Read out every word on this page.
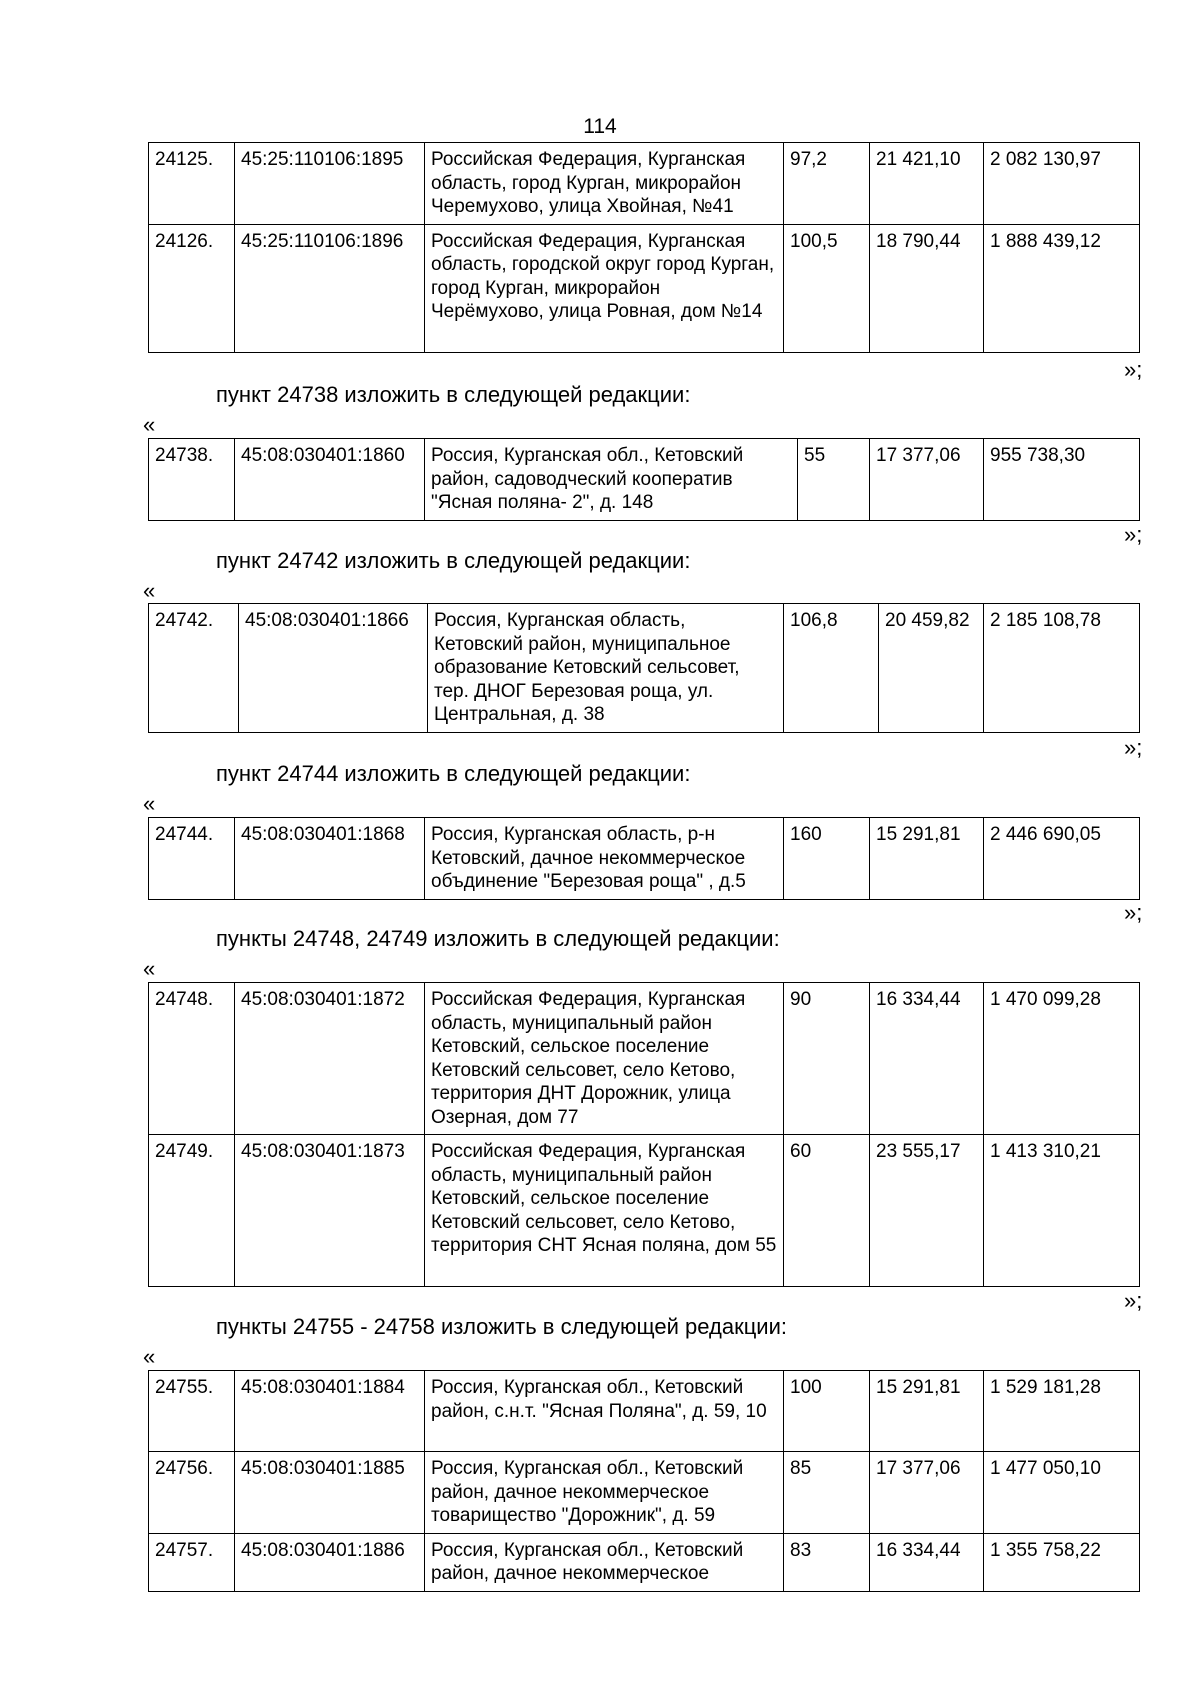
114
24125.	45:25:110106:1895	Российская Федерация, Курганская область, город Курган, микрорайон Черемухово, улица Хвойная, №41	97,2	21 421,10	2 082 130,97
24126.	45:25:110106:1896	Российская Федерация, Курганская область, городской округ город Курган, город Курган, микрорайон Черёмухово, улица Ровная, дом №14	100,5	18 790,44	1 888 439,12
»;
пункт 24738 изложить в следующей редакции:
«
24738.	45:08:030401:1860	Россия, Курганская обл., Кетовский район, садоводческий кооператив "Ясная поляна- 2", д. 148	55	17 377,06	955 738,30
»;
пункт 24742 изложить в следующей редакции:
«
24742.	45:08:030401:1866	Россия, Курганская область, Кетовский район, муниципальное образование Кетовский сельсовет, тер. ДНОГ Березовая роща, ул. Центральная, д. 38	106,8	20 459,82	2 185 108,78
»;
пункт 24744 изложить в следующей редакции:
«
24744.	45:08:030401:1868	Россия, Курганская область, р-н Кетовский, дачное некоммерческое объдинение "Березовая роща" , д.5	160	15 291,81	2 446 690,05
»;
пункты 24748, 24749 изложить в следующей редакции:
«
24748.	45:08:030401:1872	Российская Федерация, Курганская область, муниципальный район Кетовский, сельское поселение Кетовский сельсовет, село Кетово, территория ДНТ Дорожник, улица Озерная, дом 77	90	16 334,44	1 470 099,28
24749.	45:08:030401:1873	Российская Федерация, Курганская область, муниципальный район Кетовский, сельское поселение Кетовский сельсовет, село Кетово, территория СНТ Ясная поляна, дом 55	60	23 555,17	1 413 310,21
»;
пункты 24755 - 24758 изложить в следующей редакции:
«
24755.	45:08:030401:1884	Россия, Курганская обл., Кетовский район, с.н.т. "Ясная Поляна", д. 59, 10	100	15 291,81	1 529 181,28
24756.	45:08:030401:1885	Россия, Курганская обл., Кетовский район, дачное некоммерческое товарищество "Дорожник", д. 59	85	17 377,06	1 477 050,10
24757.	45:08:030401:1886	Россия, Курганская обл., Кетовский район, дачное некоммерческое	83	16 334,44	1 355 758,22
